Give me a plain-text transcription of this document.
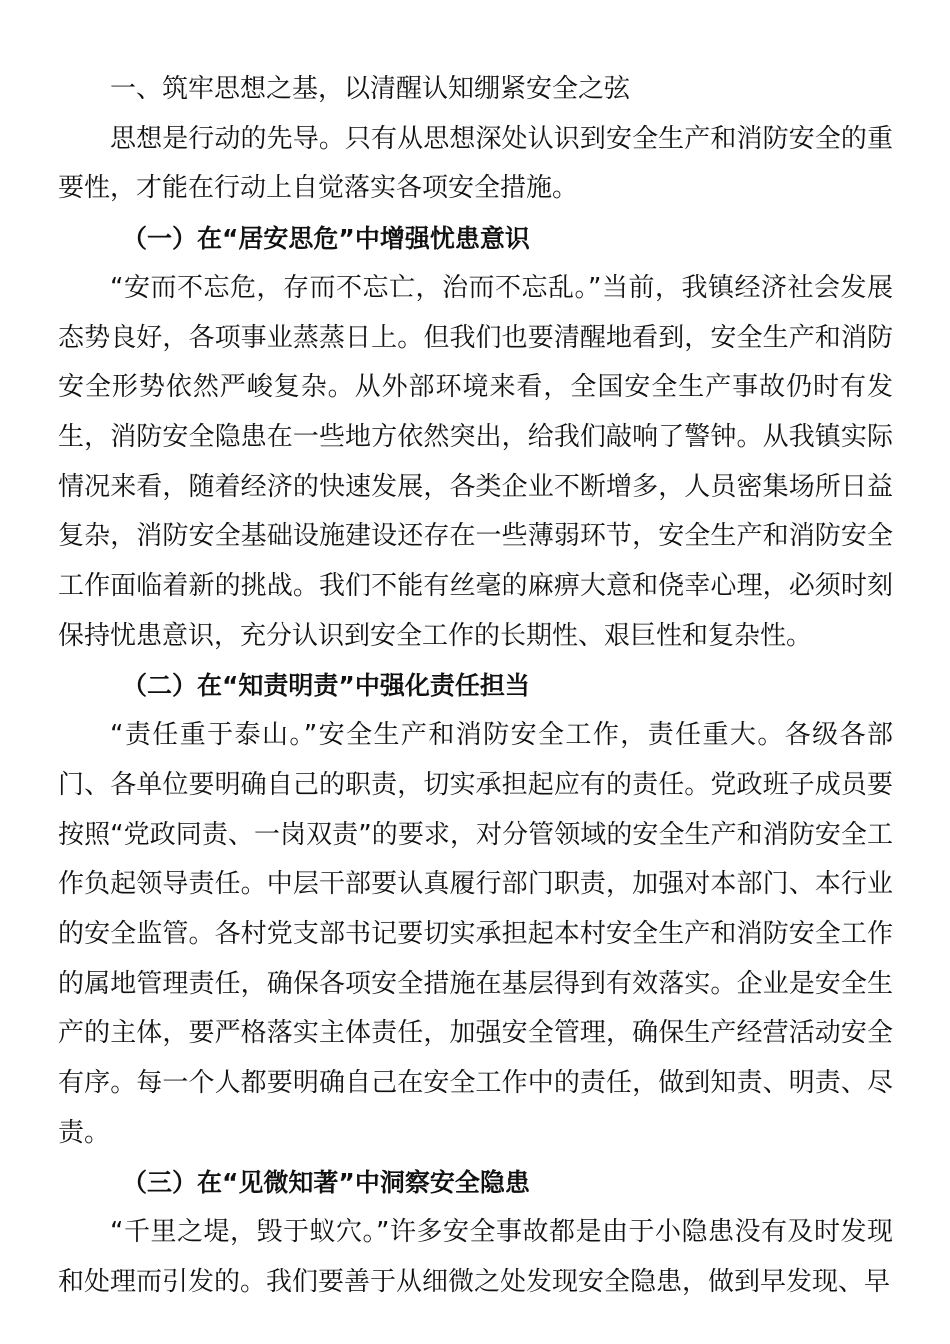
一、筑牢思想之基，以清醒认知绷紧安全之弦

思想是行动的先导。只有从思想深处认识到安全生产和消防安全的重要性，才能在行动上自觉落实各项安全措施。

（一）在“居安思危”中增强忧患意识

“安而不忘危，存而不忘亡，治而不忘乱。”当前，我镇经济社会发展态势良好，各项事业蒸蒸日上。但我们也要清醒地看到，安全生产和消防安全形势依然严峻复杂。从外部环境来看，全国安全生产事故仍时有发生，消防安全隐患在一些地方依然突出，给我们敲响了警钟。从我镇实际情况来看，随着经济的快速发展，各类企业不断增多，人员密集场所日益复杂，消防安全基础设施建设还存在一些薄弱环节，安全生产和消防安全工作面临着新的挑战。我们不能有丝毫的麻痹大意和侥幸心理，必须时刻保持忧患意识，充分认识到安全工作的长期性、艰巨性和复杂性。

（二）在“知责明责”中强化责任担当

“责任重于泰山。”安全生产和消防安全工作，责任重大。各级各部门、各单位要明确自己的职责，切实承担起应有的责任。党政班子成员要按照“党政同责、一岗双责”的要求，对分管领域的安全生产和消防安全工作负起领导责任。中层干部要认真履行部门职责，加强对本部门、本行业的安全监管。各村党支部书记要切实承担起本村安全生产和消防安全工作的属地管理责任，确保各项安全措施在基层得到有效落实。企业是安全生产的主体，要严格落实主体责任，加强安全管理，确保生产经营活动安全有序。每一个人都要明确自己在安全工作中的责任，做到知责、明责、尽责。

（三）在“见微知著”中洞察安全隐患

“千里之堤，毁于蚁穴。”许多安全事故都是由于小隐患没有及时发现和处理而引发的。我们要善于从细微之处发现安全隐患，做到早发现、早
